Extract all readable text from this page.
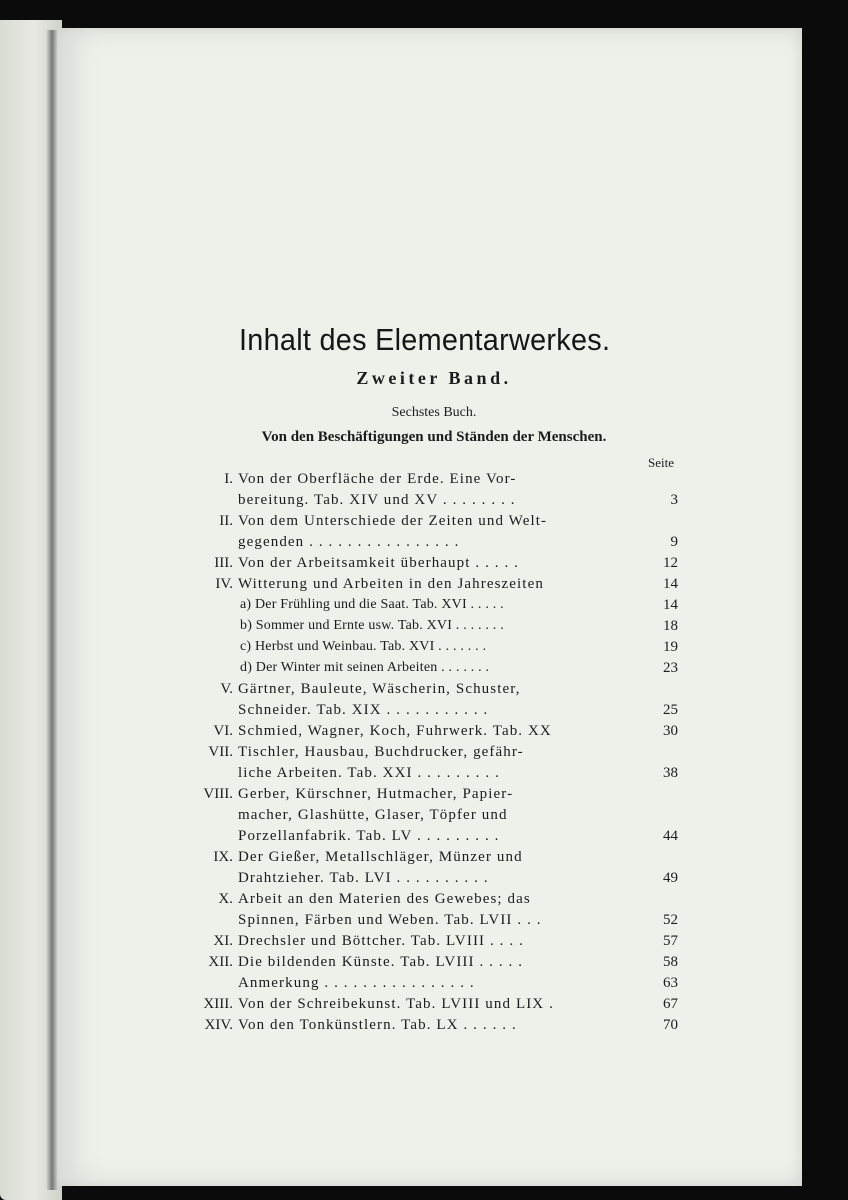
Inhalt des Elementarwerkes.
Zweiter Band.
Sechstes Buch.
Von den Beschäftigungen und Ständen der Menschen.
Seite
I. Von der Oberfläche der Erde. Eine Vor-
bereitung. Tab. XIV und XV . . . . . . . .	3
II. Von dem Unterschiede der Zeiten und Welt-
gegenden . . . . . . . . . . . . . . . .	9
III. Von der Arbeitsamkeit überhaupt . . . . .	12
IV. Witterung und Arbeiten in den Jahreszeiten	14
a) Der Frühling und die Saat. Tab. XVI . . . . .	14
b) Sommer und Ernte usw. Tab. XVI . . . . . . .	18
c) Herbst und Weinbau. Tab. XVI . . . . . . .	19
d) Der Winter mit seinen Arbeiten . . . . . . .	23
V. Gärtner, Bauleute, Wäscherin, Schuster,
Schneider. Tab. XIX . . . . . . . . . . .	25
VI. Schmied, Wagner, Koch, Fuhrwerk. Tab. XX	30
VII. Tischler, Hausbau, Buchdrucker, gefähr-
liche Arbeiten. Tab. XXI . . . . . . . . .	38
VIII. Gerber, Kürschner, Hutmacher, Papier-
macher, Glashütte, Glaser, Töpfer und
Porzellanfabrik. Tab. LV . . . . . . . . .	44
IX. Der Gießer, Metallschläger, Münzer und
Drahtzieher. Tab. LVI . . . . . . . . . .	49
X. Arbeit an den Materien des Gewebes; das
Spinnen, Färben und Weben. Tab. LVII . . .	52
XI. Drechsler und Böttcher. Tab. LVIII . . . .	57
XII. Die bildenden Künste. Tab. LVIII . . . . .	58
Anmerkung . . . . . . . . . . . . . . . .	63
XIII. Von der Schreibekunst. Tab. LVIII und LIX .	67
XIV. Von den Tonkünstlern. Tab. LX . . . . . .	70
